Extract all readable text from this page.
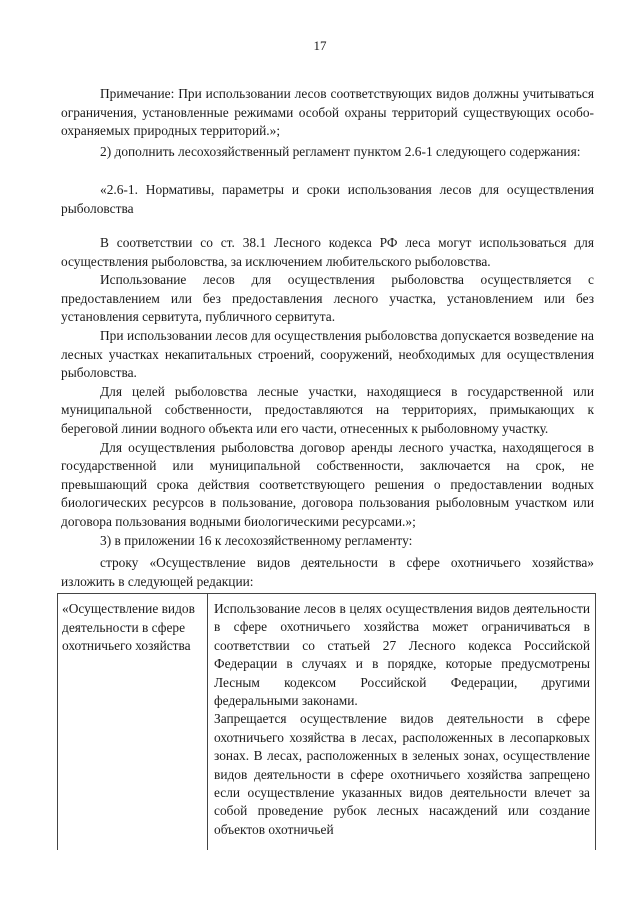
17

Примечание: При использовании лесов соответствующих видов должны учитываться ограничения, установленные режимами особой охраны территорий существующих особо-охраняемых природных территорий.»;

2) дополнить лесохозяйственный регламент пунктом 2.6-1 следующего содержания:

«2.6-1. Нормативы, параметры и сроки использования лесов для осуществления рыболовства

В соответствии со ст. 38.1 Лесного кодекса РФ леса могут использоваться для осуществления рыболовства, за исключением любительского рыболовства.

Использование лесов для осуществления рыболовства осуществляется с предоставлением или без предоставления лесного участка, установлением или без установления сервитута, публичного сервитута.

При использовании лесов для осуществления рыболовства допускается возведение на лесных участках некапитальных строений, сооружений, необходимых для осуществления рыболовства.

Для целей рыболовства лесные участки, находящиеся в государственной или муниципальной собственности, предоставляются на территориях, примыкающих к береговой линии водного объекта или его части, отнесенных к рыболовному участку.

Для осуществления рыболовства договор аренды лесного участка, находящегося в государственной или муниципальной собственности, заключается на срок, не превышающий срока действия соответствующего решения о предоставлении водных биологических ресурсов в пользование, договора пользования рыболовным участком или договора пользования водными биологическими ресурсами.»;

3) в приложении 16 к лесохозяйственному регламенту:

строку «Осуществление видов деятельности в сфере охотничьего хозяйства» изложить в следующей редакции:

«Осуществление видов деятельности в сфере охотничьего хозяйства

Использование лесов в целях осуществления видов деятельности в сфере охотничьего хозяйства может ограничиваться в соответствии со статьей 27 Лесного кодекса Российской Федерации в случаях и в порядке, которые предусмотрены Лесным кодексом Российской Федерации, другими федеральными законами.

Запрещается осуществление видов деятельности в сфере охотничьего хозяйства в лесах, расположенных в лесопарковых зонах. В лесах, расположенных в зеленых зонах, осуществление видов деятельности в сфере охотничьего хозяйства запрещено если осуществление указанных видов деятельности влечет за собой проведение рубок лесных насаждений или создание объектов охотничьей
